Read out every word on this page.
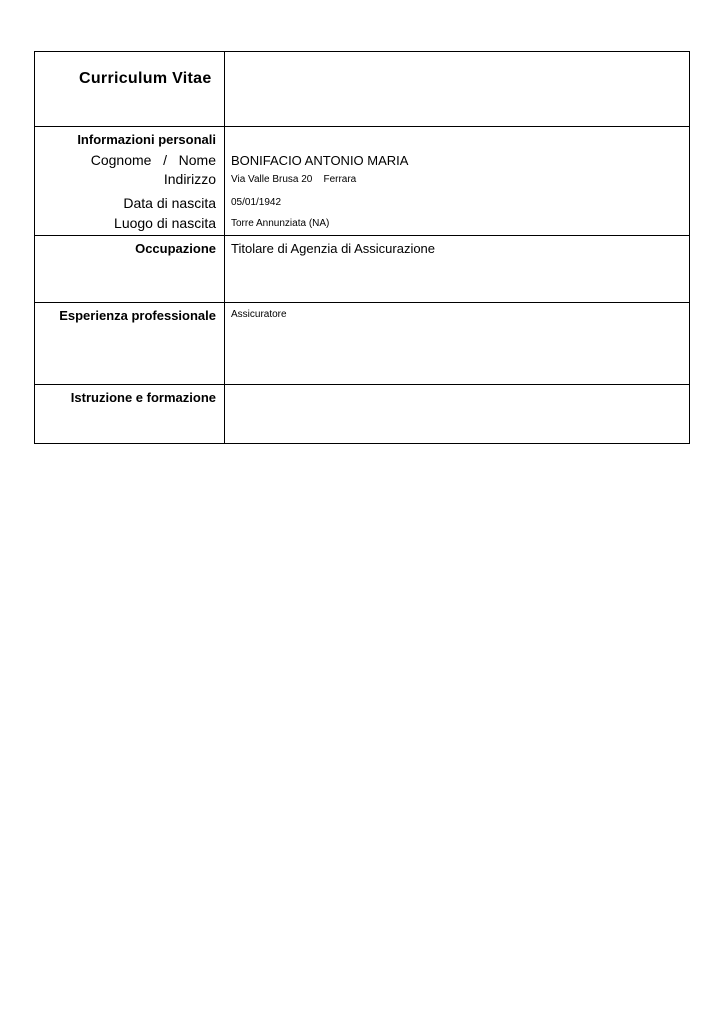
Curriculum Vitae
Informazioni personali
Cognome   /   Nome BONIFACIO ANTONIO MARIA
Indirizzo Via Valle Brusa 20    Ferrara
Data di nascita 05/01/1942
Luogo di nascita Torre Annunziata (NA)
Occupazione Titolare di Agenzia di Assicurazione
Esperienza professionale Assicuratore
Istruzione e formazione
